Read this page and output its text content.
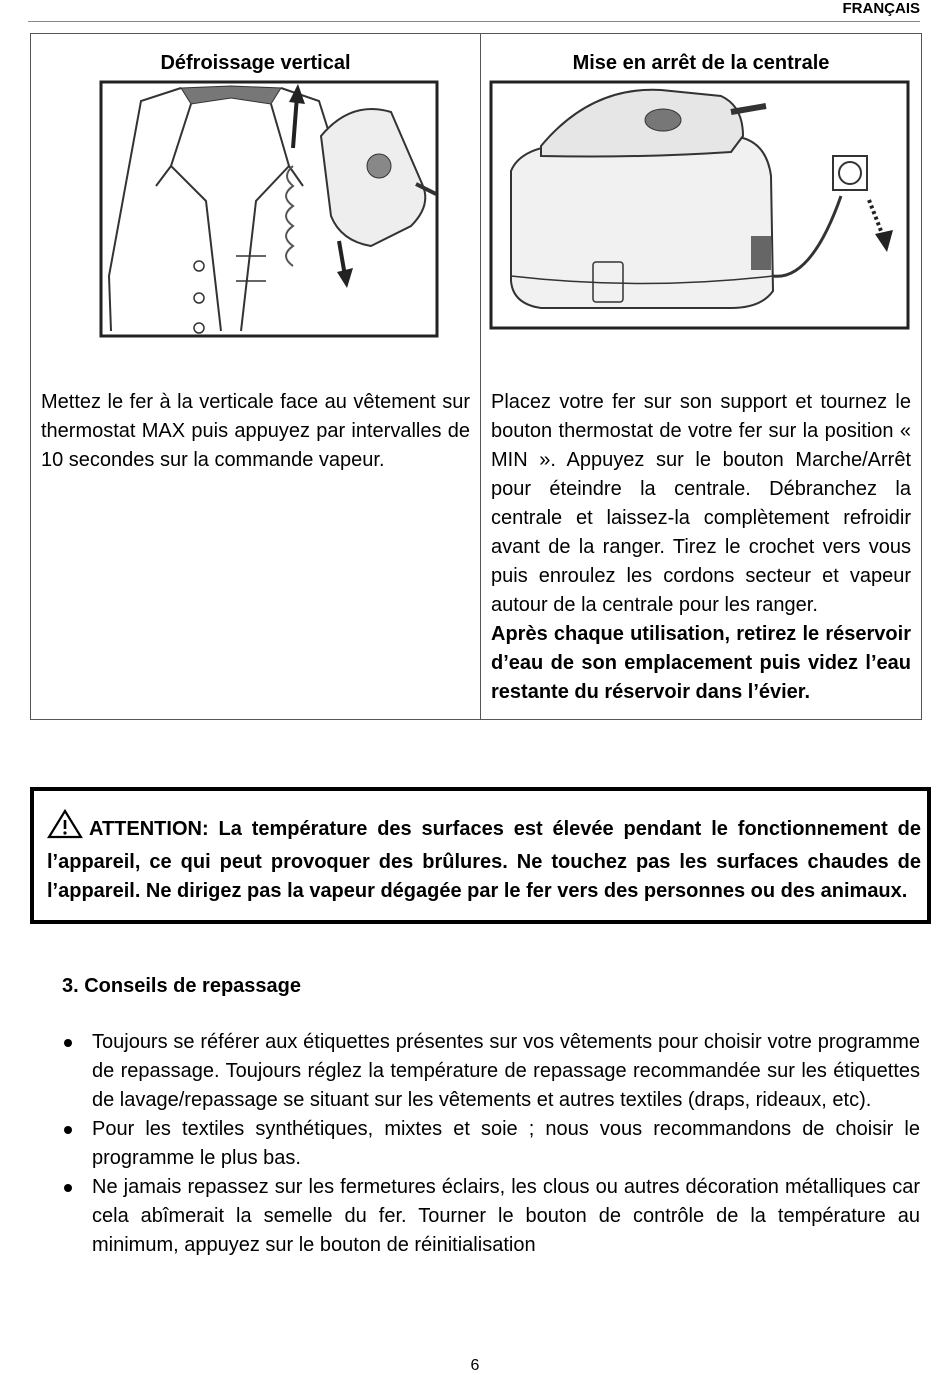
FRANÇAIS
Défroissage vertical
Mettez le fer à la verticale face au vêtement sur thermostat MAX puis appuyez par intervalles de 10 secondes sur la commande vapeur.

Mise en arrêt de la centrale
Placez votre fer sur son support et tournez le bouton thermostat de votre fer sur la position « MIN ». Appuyez sur le bouton Marche/Arrêt pour éteindre la centrale. Débranchez la centrale et laissez-la complètement refroidir avant de la ranger. Tirez le crochet vers vous puis enroulez les cordons secteur et vapeur autour de la centrale pour les ranger.
Après chaque utilisation, retirez le réservoir d’eau de son emplacement puis videz l’eau restante du réservoir dans l’évier.
ATTENTION: La température des surfaces est élevée pendant le fonctionnement de l’appareil, ce qui peut provoquer des brûlures. Ne touchez pas les surfaces chaudes de l’appareil. Ne dirigez pas la vapeur dégagée par le fer vers des personnes ou des animaux.
3. Conseils de repassage
Toujours se référer aux étiquettes présentes sur vos vêtements pour choisir votre programme de repassage. Toujours réglez la température de repassage recommandée sur les étiquettes de lavage/repassage se situant sur les vêtements et autres textiles (draps, rideaux, etc).
Pour les textiles synthétiques, mixtes et soie ; nous vous recommandons de choisir le programme le plus bas.
Ne jamais repassez sur les fermetures éclairs, les clous ou autres décoration métalliques car cela abîmerait la semelle du fer. Tourner le bouton de contrôle de la température au minimum, appuyez sur le bouton de réinitialisation
6
